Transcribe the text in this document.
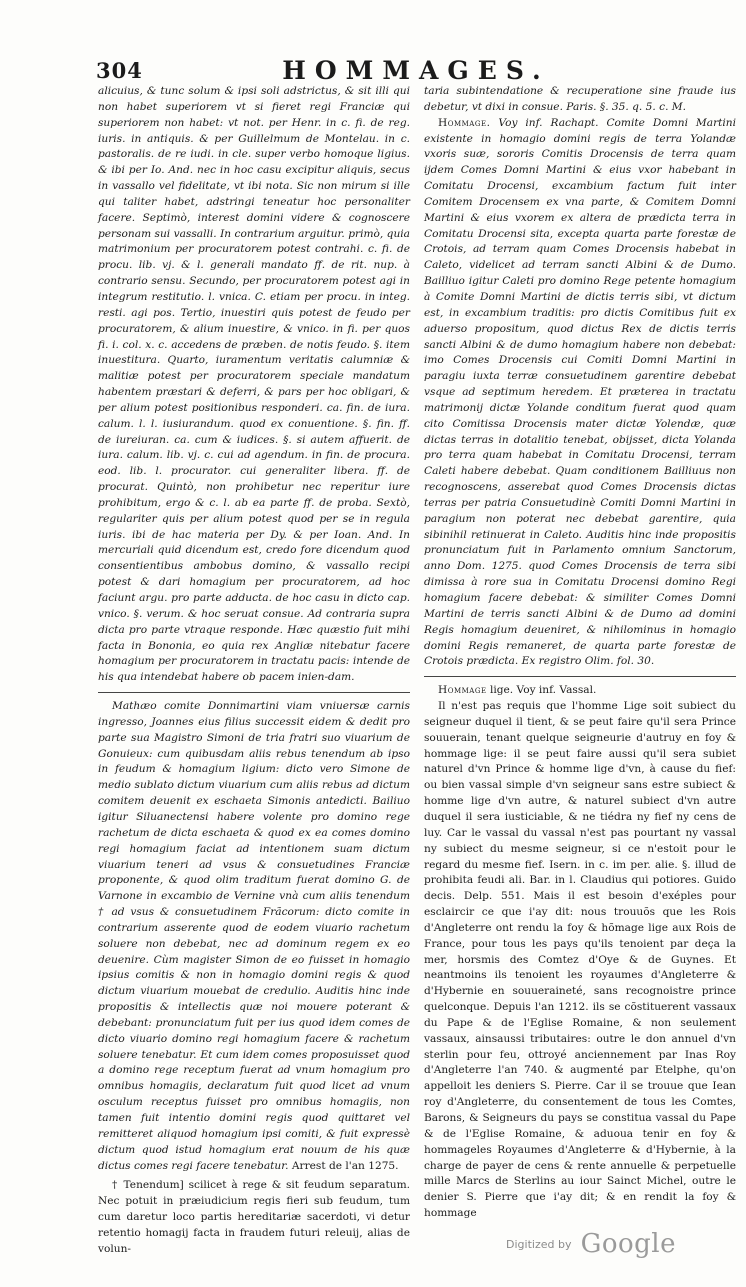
304	HOMMAGES.

alicuius, & tunc solum & ipsi soli adstrictus, & sit illi qui non habet superiorem vt si fieret regi Franciæ qui superiorem non habet: vt not. per Henr. in c. fi. de reg. iuris. in antiquis. & per Guillelmum de Montelau. in c. pastoralis. de re iudi. in cle. super verbo homoque ligius. & ibi per Io. And. nec in hoc casu excipitur aliquis, secus in vassallo vel fidelitate, vt ibi nota. Sic non mirum si ille qui taliter habet, adstringi teneatur hoc personaliter facere. Septimò, interest domini videre & cognoscere personam sui vassalli. In contrarium arguitur. primò, quia matrimonium per procuratorem potest contrahi. c. fi. de procu. lib. vj. & l. generali mandato ff. de rit. nup. à contrario sensu. Secundo, per procuratorem potest agi in integrum restitutio. l. vnica. C. etiam per procu. in integ. resti. agi pos. Tertio, inuestiri quis potest de feudo per procuratorem, & alium inuestire, & vnico. in fi. per quos fi. i. col. x. c. accedens de præben. de notis feudo. §. item inuestitura. Quarto, iuramentum veritatis calumniæ & malitiæ potest per procuratorem speciale mandatum habentem præstari & deferri, & pars per hoc obligari, & per alium potest positionibus responderi. ca. fin. de iura. calum. l. l. iusiurandum. quod ex conuentione. §. fin. ff. de iureiuran. ca. cum & iudices. §. si autem affuerit. de iura. calum. lib. vj. c. cui ad agendum. in fin. de procura. eod. lib. l. procurator. cui generaliter libera. ff. de procurat. Quintò, non prohibetur nec reperitur iure prohibitum, ergo & c. l. ab ea parte ff. de proba. Sextò, regulariter quis per alium potest quod per se in regula iuris. ibi de hac materia per Dy. & per Ioan. And. In mercuriali quid dicendum est, credo fore dicendum quod consentientibus ambobus domino, & vassallo recipi potest & dari homagium per procuratorem, ad hoc faciunt argu. pro parte adducta. de hoc casu in dicto cap. vnico. §. verum. & hoc seruat consue. Ad contraria supra dicta pro parte vtraque responde. Hæc quæstio fuit mihi facta in Bononia, eo quia rex Angliæ nitebatur facere homagium per procuratorem in tractatu pacis: intende de his qua intendebat habere ob pacem inien-dam.

Mathæo comite Donnimartini viam vniuersæ carnis ingresso, Joannes eius filius successit eidem & dedit pro parte sua Magistro Simoni de tria fratri suo viuarium de Gonuieux: cum quibusdam aliis rebus tenendum ab ipso in feudum & homagium ligium: dicto vero Simone de medio sublato dictum viuarium cum aliis rebus ad dictum comitem deuenit ex eschaeta Simonis antedicti. Bailiuo igitur Siluanectensi habere volente pro domino rege rachetum de dicta eschaeta & quod ex ea comes domino regi homagium faciat ad intentionem suam dictum viuarium teneri ad vsus & consuetudines Franciæ proponente, & quod olim traditum fuerat domino G. de Varnone in excambio de Vernine vnà cum aliis tenendum † ad vsus & consuetudinem Frãcorum: dicto comite in contrarium asserente quod de eodem viuario rachetum soluere non debebat, nec ad dominum regem ex eo deuenire. Cùm magister Simon de eo fuisset in homagio ipsius comitis & non in homagio domini regis & quod dictum viuarium mouebat de credulio. Auditis hinc inde propositis & intellectis quæ noi mouere poterant & debebant: pronunciatum fuit per ius quod idem comes de dicto viuario domino regi homagium facere & rachetum soluere tenebatur. Et cum idem comes proposuisset quod a domino rege receptum fuerat ad vnum homagium pro omnibus homagiis, declaratum fuit quod licet ad vnum osculum receptus fuisset pro omnibus homagiis, non tamen fuit intentio domini regis quod quittaret vel remitteret aliquod homagium ipsi comiti, & fuit expressè dictum quod istud homagium erat nouum de his quæ dictus comes regi facere tenebatur. Arrest de l'an 1275.

† Tenendum] scilicet à rege & sit feudum separatum. Nec potuit in præiudicium regis fieri sub feudum, tum cum daretur loco partis hereditariæ sacerdoti, vi detur retentio homagij facta in fraudem futuri releuij, alias de volun-

taria subintendatione & recuperatione sine fraude ius debetur, vt dixi in consue. Paris. §. 35. q. 5. c. M.

Hommage. Voy inf. Rachapt. Comite Domni Martini existente in homagio domini regis de terra Yolandæ vxoris suæ, sororis Comitis Drocensis de terra quam ijdem Comes Domni Martini & eius vxor habebant in Comitatu Drocensi, excambium factum fuit inter Comitem Drocensem ex vna parte, & Comitem Domni Martini & eius vxorem ex altera de prædicta terra in Comitatu Drocensi sita, excepta quarta parte forestæ de Crotois, ad terram quam Comes Drocensis habebat in Caleto, videlicet ad terram sancti Albini & de Dumo. Bailliuo igitur Caleti pro domino Rege petente homagium à Comite Domni Martini de dictis terris sibi, vt dictum est, in excambium traditis: pro dictis Comitibus fuit ex aduerso propositum, quod dictus Rex de dictis terris sancti Albini & de dumo homagium habere non debebat: imo Comes Drocensis cui Comiti Domni Martini in paragiu iuxta terræ consuetudinem garentire debebat vsque ad septimum heredem. Et præterea in tractatu matrimonij dictæ Yolande conditum fuerat quod quam cito Comitissa Drocensis mater dictæ Yolendæ, quæ dictas terras in dotalitio tenebat, obijsset, dicta Yolanda pro terra quam habebat in Comitatu Drocensi, terram Caleti habere debebat. Quam conditionem Bailliuus non recognoscens, asserebat quod Comes Drocensis dictas terras per patria Consuetudinè Comiti Domni Martini in paragium non poterat nec debebat garentire, quia sibinihil retinuerat in Caleto. Auditis hinc inde propositis pronunciatum fuit in Parlamento omnium Sanctorum, anno Dom. 1275. quod Comes Drocensis de terra sibi dimissa à rore sua in Comitatu Drocensi domino Regi homagium facere debebat: & similiter Comes Domni Martini de terris sancti Albini & de Dumo ad domini Regis homagium deueniret, & nihilominus in homagio domini Regis remaneret, de quarta parte forestæ de Crotois prædicta. Ex registro Olim. fol. 30.

Hommage lige. Voy inf. Vassal.

Il n'est pas requis que l'homme Lige soit subiect du seigneur duquel il tient, & se peut faire qu'il sera Prince souuerain, tenant quelque seigneurie d'autruy en foy & hommage lige: il se peut faire aussi qu'il sera subiet naturel d'vn Prince & homme lige d'vn, à cause du fief: ou bien vassal simple d'vn seigneur sans estre subiect & homme lige d'vn autre, & naturel subiect d'vn autre duquel il sera iusticiable, & ne tiédra ny fief ny cens de luy. Car le vassal du vassal n'est pas pourtant ny vassal ny subiect du mesme seigneur, si ce n'estoit pour le regard du mesme fief. Isern. in c. im per. alie. §. illud de prohibita feudi ali. Bar. in l. Claudius qui potiores. Guido decis. Delp. 551. Mais il est besoin d'exéples pour esclaircir ce que i'ay dit: nous trouuõs que les Rois d'Angleterre ont rendu la foy & hõmage lige aux Rois de France, pour tous les pays qu'ils tenoient par deça la mer, horsmis des Comtez d'Oye & de Guynes. Et neantmoins ils tenoient les royaumes d'Angleterre & d'Hybernie en souueraineté, sans recognoistre prince quelconque. Depuis l'an 1212. ils se cõstituerent vassaux du Pape & de l'Eglise Romaine, & non seulement vassaux, ainsaussi tributaires: outre le don annuel d'vn sterlin pour feu, ottroyé anciennement par Inas Roy d'Angleterre l'an 740. & augmenté par Etelphe, qu'on appelloit les deniers S. Pierre. Car il se trouue que Iean roy d'Angleterre, du consentement de tous les Comtes, Barons, & Seigneurs du pays se constitua vassal du Pape & de l'Eglise Romaine, & aduoua tenir en foy & hommageles Royaumes d'Angleterre & d'Hybernie, à la charge de payer de cens & rente annuelle & perpetuelle mille Marcs de Sterlins au iour Sainct Michel, outre le denier S. Pierre que i'ay dit; & en rendit la foy & hommage

Digitized by Google
